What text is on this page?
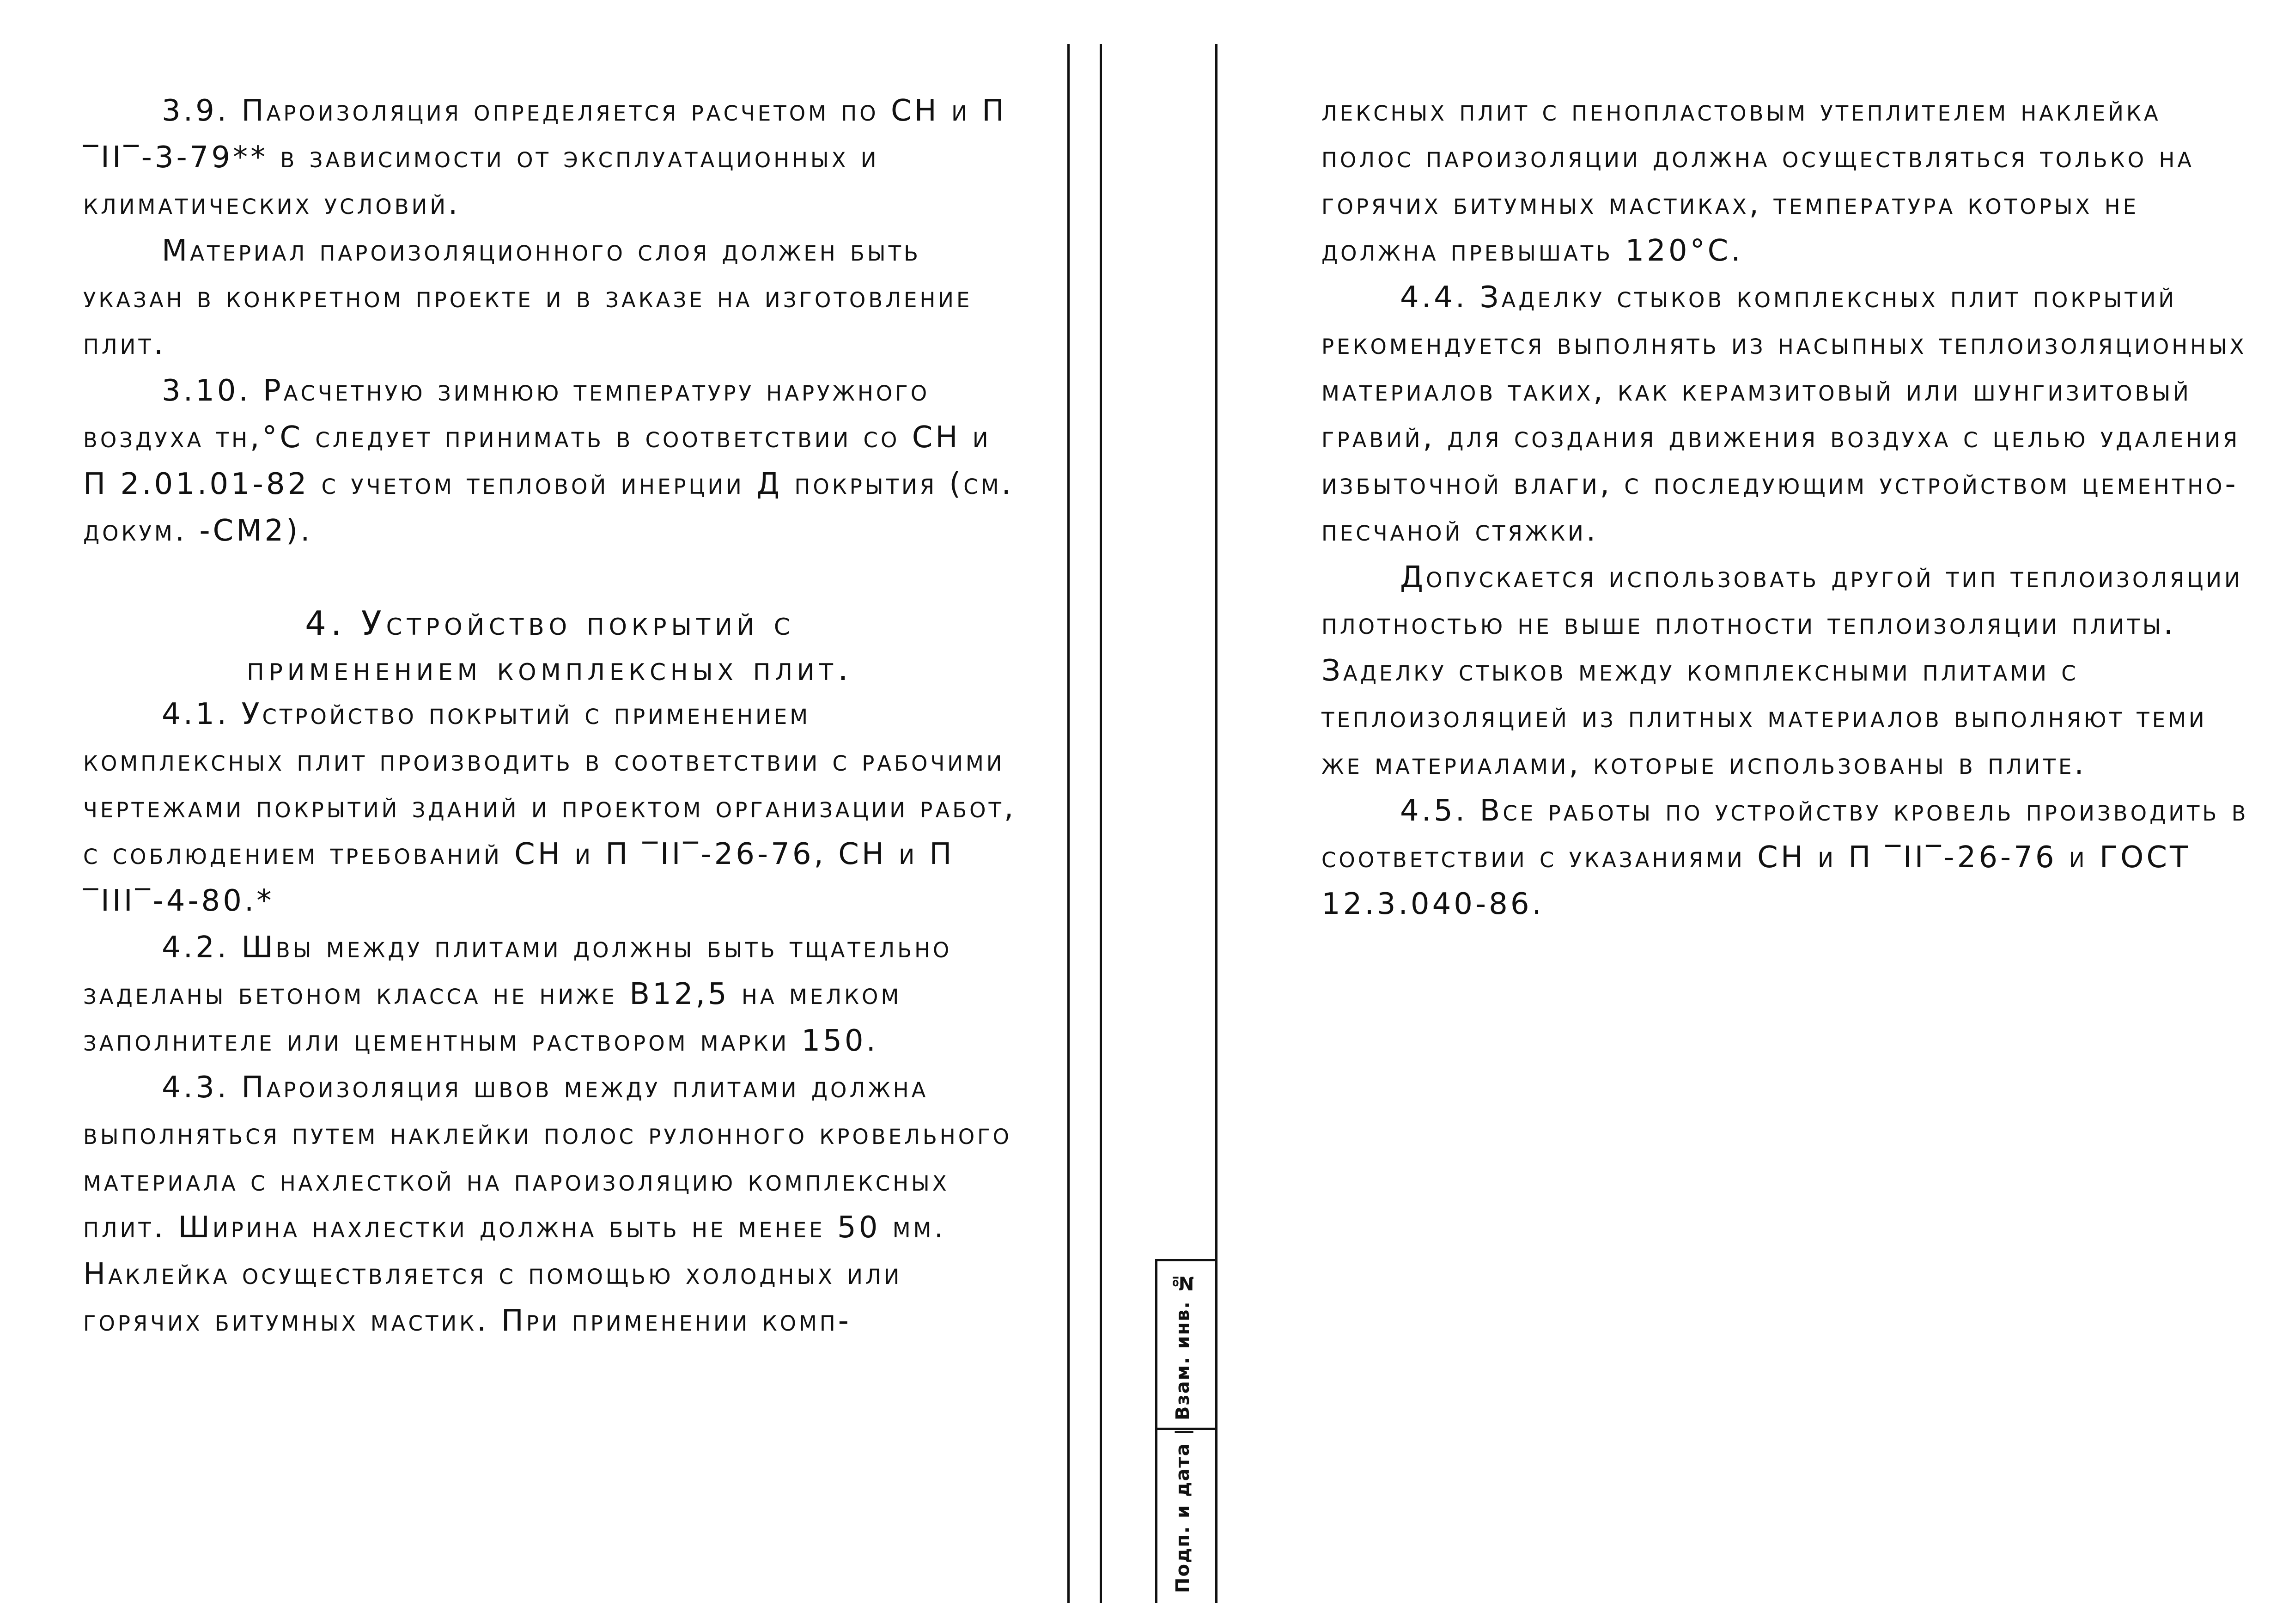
3.9. Пароизоляция определяется расчетом по СН и П ‾II‾-3-79** в зависимости от эксплуатационных и климатических условий.

Материал пароизоляционного слоя должен быть указан в конкретном проекте и в заказе на изготовление плит.

3.10. Расчетную зимнюю температуру наружного воздуха tн,°С следует принимать в соответствии со СН и П 2.01.01-82 с учетом тепловой инерции Д покрытия (см. докум. -СМ2).

4. Устройство покрытий с
применением комплексных плит.

4.1. Устройство покрытий с применением комплексных плит производить в соответствии с рабочими чертежами покрытий зданий и проектом организации работ, с соблюдением требований СН и П ‾II‾-26-76, СН и П ‾III‾-4-80.*

4.2. Швы между плитами должны быть тщательно заделаны бетоном класса не ниже В12,5 на мелком заполнителе или цементным раствором марки 150.

4.3. Пароизоляция швов между плитами должна выполняться путем наклейки полос рулонного кровельного материала с нахлесткой на пароизоляцию комплексных плит. Ширина нахлестки должна быть не менее 50 мм. Наклейка осуществляется с помощью холодных или горячих битумных мастик. При применении комп-	Подп. и дата | Взам. инв. №

лексных плит с пенопластовым утеплителем наклейка полос пароизоляции должна осуществляться только на горячих битумных мастиках, температура которых не должна превышать 120°С.

4.4. Заделку стыков комплексных плит покрытий рекомендуется выполнять из насыпных теплоизоляционных материалов таких, как керамзитовый или шунгизитовый гравий, для создания движения воздуха с целью удаления избыточной влаги, с последующим устройством цементно-песчаной стяжки.

Допускается использовать другой тип теплоизоляции плотностью не выше плотности теплоизоляции плиты. Заделку стыков между комплексными плитами с теплоизоляцией из плитных материалов выполняют теми же материалами, которые использованы в плите.

4.5. Все работы по устройству кровель производить в соответствии с указаниями СН и П ‾II‾-26-76 и ГОСТ 12.3.040-86.
